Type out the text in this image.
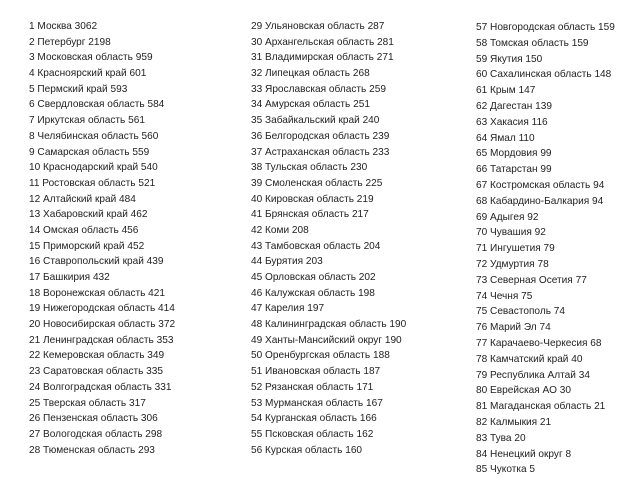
1 Москва 3062
2 Петербург 2198
3 Московская область 959
4 Красноярский край 601
5 Пермский край 593
6 Свердловская область 584
7 Иркутская область 561
8 Челябинская область 560
9 Самарская область 559
10 Краснодарский край 540
11 Ростовская область 521
12 Алтайский край 484
13 Хабаровский край 462
14 Омская область 456
15 Приморский край 452
16 Ставропольский край 439
17 Башкирия 432
18 Воронежская область 421
19 Нижегородская область 414
20 Новосибирская область 372
21 Ленинградская область 353
22 Кемеровская область 349
23 Саратовская область 335
24 Волгоградская область 331
25 Тверская область 317
26 Пензенская область 306
27 Вологодская область 298
28 Тюменская область 293
29 Ульяновская область 287
30 Архангельская область 281
31 Владимирская область 271
32 Липецкая область 268
33 Ярославская область 259
34 Амурская область 251
35 Забайкальский край 240
36 Белгородская область 239
37 Астраханская область 233
38 Тульская область 230
39 Смоленская область 225
40 Кировская область 219
41 Брянская область 217
42 Коми 208
43 Тамбовская область 204
44 Бурятия 203
45 Орловская область 202
46 Калужская область 198
47 Карелия 197
48 Калининградская область 190
49 Ханты-Мансийский округ 190
50 Оренбургская область 188
51 Ивановская область 187
52 Рязанская область 171
53 Мурманская область 167
54 Курганская область 166
55 Псковская область 162
56 Курская область 160
57 Новгородская область 159
58 Томская область 159
59 Якутия 150
60 Сахалинская область 148
61 Крым 147
62 Дагестан 139
63 Хакасия 116
64 Ямал 110
65 Мордовия 99
66 Татарстан 99
67 Костромская область 94
68 Кабардино-Балкария 94
69 Адыгея 92
70 Чувашия 92
71 Ингушетия 79
72 Удмуртия 78
73 Северная Осетия 77
74 Чечня 75
75 Севастополь 74
76 Марий Эл 74
77 Карачаево-Черкесия 68
78 Камчатский край 40
79 Республика Алтай 34
80 Еврейская АО 30
81 Магаданская область 21
82 Калмыкия 21
83 Тува 20
84 Ненецкий округ 8
85 Чукотка 5
